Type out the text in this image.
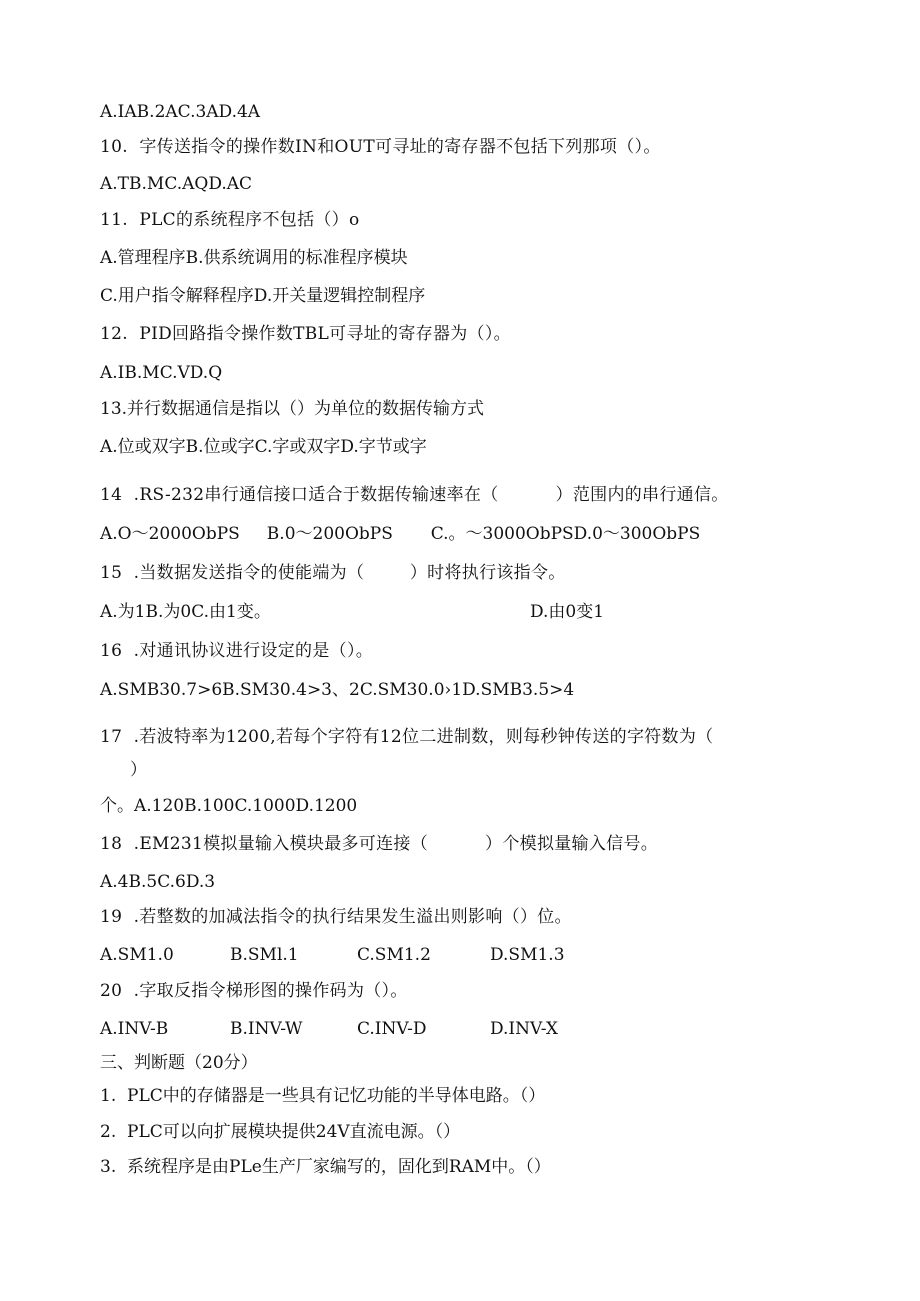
A.IAB.2AC.3AD.4A
10.  字传送指令的操作数IN和OUT可寻址的寄存器不包括下列那项（）。
A.TB.MC.AQD.AC
11.  PLC的系统程序不包括（）o
A.管理程序B.供系统调用的标准程序模块
C.用户指令解释程序D.开关量逻辑控制程序
12.  PID回路指令操作数TBL可寻址的寄存器为（）。
A.IB.MC.VD.Q
13.并行数据通信是指以（）为单位的数据传输方式
A.位或双字B.位或字C.字或双字D.字节或字
14  .RS-232串行通信接口适合于数据传输速率在（          ）范围内的串行通信。
A.O～2000ObPS     B.0～200ObPS       C.。～3000ObPSD.0～300ObPS
15  .当数据发送指令的使能端为（        ）时将执行该指令。
A.为1B.为0C.由1变。	D.由0变1
16  .对通讯协议进行设定的是（）。
A.SMB30.7>6B.SM30.4>3、2C.SM30.0›1D.SMB3.5>4
17  .若波特率为1200,若每个字符有12位二进制数，则每秒钟传送的字符数为（
）
个。A.120B.100C.1000D.1200
18  .EM231模拟量输入模块最多可连接（          ）个模拟量输入信号。
A.4B.5C.6D.3
19  .若整数的加减法指令的执行结果发生溢出则影响（）位。
A.SM1.0	B.SMl.1	C.SM1.2	D.SM1.3
20  .字取反指令梯形图的操作码为（）。
A.INV-B	B.INV-W	C.INV-D	D.INV-X
三、判断题（20分）
1.  PLC中的存储器是一些具有记忆功能的半导体电路。（）
2.  PLC可以向扩展模块提供24V直流电源。（）
3.  系统程序是由PLe生产厂家编写的，固化到RAM中。（）
